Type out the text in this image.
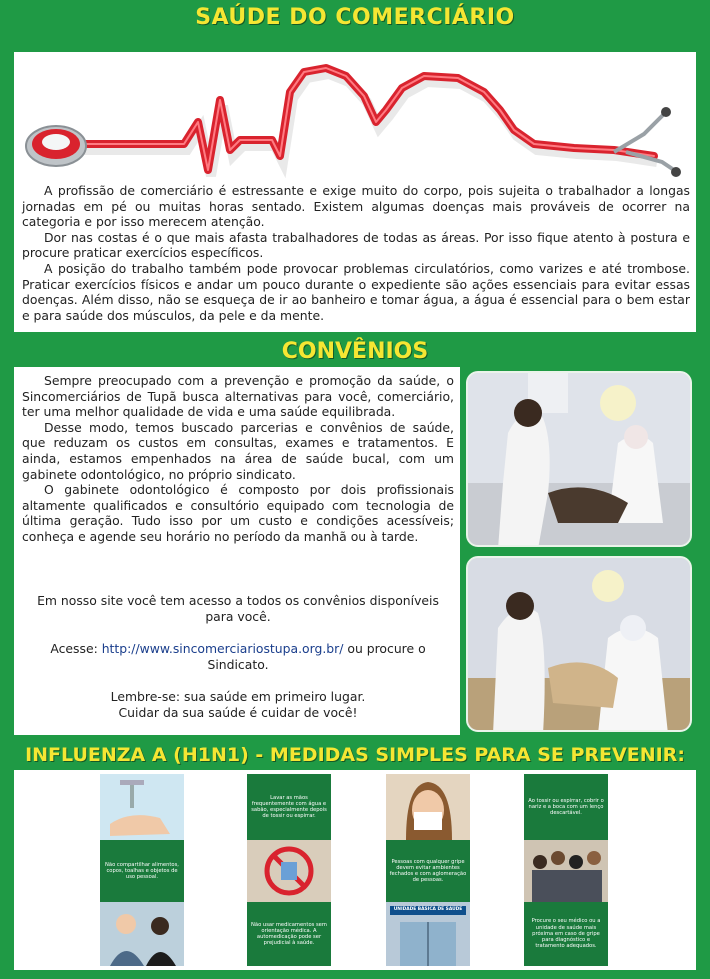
SAÚDE DO COMERCIÁRIO

A profissão de comerciário é estressante e exige muito do corpo, pois sujeita o trabalhador a longas jornadas em pé ou muitas horas sentado. Existem algumas doenças mais prováveis de ocorrer na categoria e por isso merecem atenção.

Dor nas costas é o que mais afasta trabalhadores de todas as áreas. Por isso fique atento à postura e procure praticar exercícios específicos.

A posição do trabalho também pode provocar problemas circulatórios, como varizes e até trombose. Praticar exercícios físicos e andar um pouco durante o expediente são ações essenciais para evitar essas doenças. Além disso, não se esqueça de ir ao banheiro e tomar água, a água é essencial para o bem estar e para saúde dos músculos, da pele e da mente.

CONVÊNIOS

Sempre preocupado com a prevenção e promoção da saúde, o Sincomerciários de Tupã busca alternativas para você, comerciário, ter uma melhor qualidade de vida e uma saúde equilibrada.

Desse modo, temos buscado parcerias e convênios de saúde, que reduzam os custos em consultas, exames e tratamentos. E ainda, estamos empenhados na área de saúde bucal, com um gabinete odontológico, no próprio sindicato.

O gabinete odontológico é composto por dois profissionais altamente qualificados e consultório equipado com tecnologia de última geração. Tudo isso por um custo e condições acessíveis; conheça e agende seu horário no período da manhã ou à tarde.

Em nosso site você tem acesso a todos os convênios disponíveis para você.
Acesse: http://www.sincomerciariostupa.org.br/ ou procure o Sindicato.
Lembre-se: sua saúde em primeiro lugar.
Cuidar da sua saúde é cuidar de você!
INFLUENZA A (H1N1) - MEDIDAS SIMPLES PARA SE PREVENIR:
Não compartilhar alimentos, copos, toalhas e objetos de uso pessoal.
Lavar as mãos frequentemente com água e sabão, especialmente depois de tossir ou espirrar.
Não usar medicamentos sem orientação médica. A automedicação pode ser prejudicial à saúde.
Pessoas com qualquer gripe devem evitar ambientes fechados e com aglomeração de pessoas.
UNIDADE BÁSICA DE SAÚDE
Ao tossir ou espirrar, cobrir o nariz e a boca com um lenço descartável.
Procure o seu médico ou a unidade de saúde mais próxima em caso de gripe para diagnóstico e tratamento adequados.
